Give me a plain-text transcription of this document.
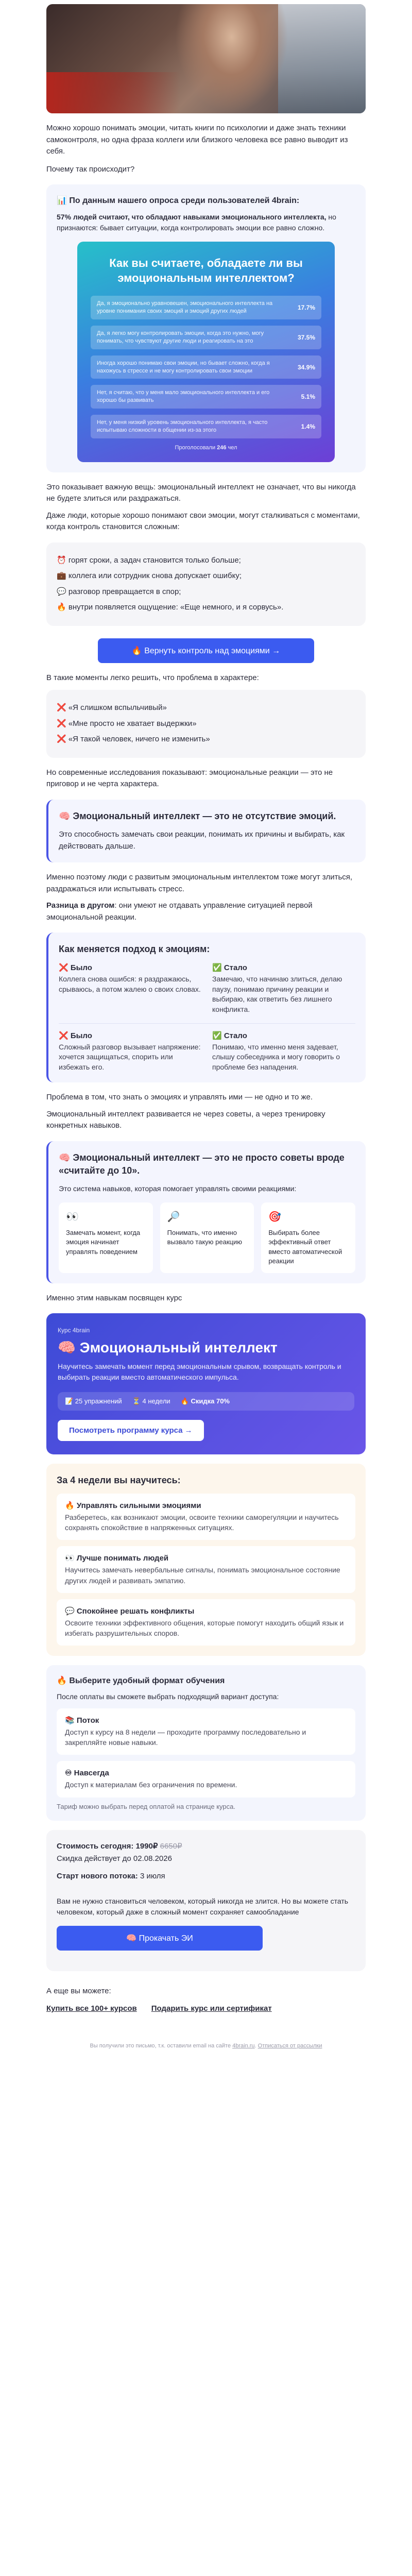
Можно хорошо понимать эмоции, читать книги по психологии и даже знать техники самоконтроля, но одна фраза коллеги или близкого человека все равно выводит из себя.

Почему так происходит?

📊 По данным нашего опроса среди пользователей 4brain:

57% людей считают, что обладают навыками эмоционального интеллекта, но признаются: бывает ситуации, когда контролировать эмоции все равно сложно.

Как вы считаете, обладаете ли вы эмоциональным интеллектом?
Да, я эмоционально уравновешен, эмоционального интеллекта на уровне понимания своих эмоций и эмоций других людей
17.7%
Да, я легко могу контролировать эмоции, когда это нужно, могу понимать, что чувствуют другие люди и реагировать на это
37.5%
Иногда хорошо понимаю свои эмоции, но бывает сложно, когда я нахожусь в стрессе и не могу контролировать свои эмоции
34.9%
Нет, я считаю, что у меня мало эмоционального интеллекта и его хорошо бы развивать
5.1%
Нет, у меня низкий уровень эмоционального интеллекта, я часто испытываю сложности в общении из-за этого
1.4%
Проголосовали 246 чел

Это показывает важную вещь: эмоциональный интеллект не означает, что вы никогда не будете злиться или раздражаться.

Даже люди, которые хорошо понимают свои эмоции, могут сталкиваться с моментами, когда контроль становится сложным:

⏰ горят сроки, а задач становится только больше;
💼 коллега или сотрудник снова допускает ошибку;
💬 разговор превращается в спор;
🔥 внутри появляется ощущение: «Еще немного, и я сорвусь».
🔥 Вернуть контроль над эмоциями →

В такие моменты легко решить, что проблема в характере:

❌ «Я слишком вспыльчивый»
❌ «Мне просто не хватает выдержки»
❌ «Я такой человек, ничего не изменить»

Но современные исследования показывают: эмоциональные реакции — это не приговор и не черта характера.

🧠 Эмоциональный интеллект — это не отсутствие эмоций.

Это способность замечать свои реакции, понимать их причины и выбирать, как действовать дальше.

Именно поэтому люди с развитым эмоциональным интеллектом тоже могут злиться, раздражаться или испытывать стресс.

Разница в другом: они умеют не отдавать управление ситуацией первой эмоциональной реакции.

Как меняется подход к эмоциям:
❌ Было
Коллега снова ошибся: я раздражаюсь, срываюсь, а потом жалею о своих словах.
✅ Стало
Замечаю, что начинаю злиться, делаю паузу, понимаю причину реакции и выбираю, как ответить без лишнего конфликта.
❌ Было
Сложный разговор вызывает напряжение: хочется защищаться, спорить или избежать его.
✅ Стало
Понимаю, что именно меня задевает, слышу собеседника и могу говорить о проблеме без нападения.

Проблема в том, что знать о эмоциях и управлять ими — не одно и то же.

Эмоциональный интеллект развивается не через советы, а через тренировку конкретных навыков.

🧠 Эмоциональный интеллект — это не просто советы вроде «считайте до 10».

Это система навыков, которая помогает управлять своими реакциями:

👀
Замечать момент, когда эмоция начинает управлять поведением
🔎
Понимать, что именно вызвало такую реакцию
🎯
Выбирать более эффективный ответ вместо автоматической реакции

Именно этим навыкам посвящен курс

Курс 4brain
🧠 Эмоциональный интеллект

Научитесь замечать момент перед эмоциональным срывом, возвращать контроль и выбирать реакции вместо автоматического импульса.

📝 25 упражнений ⏳ 4 недели 🔥 Скидка 70%
Посмотреть программу курса →
За 4 недели вы научитесь:
🔥 Управлять сильными эмоциями
Разберетесь, как возникают эмоции, освоите техники саморегуляции и научитесь сохранять спокойствие в напряженных ситуациях.
👀 Лучше понимать людей
Научитесь замечать невербальные сигналы, понимать эмоциональное состояние других людей и развивать эмпатию.
💬 Спокойнее решать конфликты
Освоите техники эффективного общения, которые помогут находить общий язык и избегать разрушительных споров.
🔥 Выберите удобный формат обучения

После оплаты вы сможете выбрать подходящий вариант доступа:

📚 Поток
Доступ к курсу на 8 недели — проходите программу последовательно и закрепляйте новые навыки.
♾ Навсегда
Доступ к материалам без ограничения по времени.
Тариф можно выбрать перед оплатой на странице курса.
Стоимость сегодня: 1990₽ 6650₽
Скидка действует до 02.08.2026
Старт нового потока: 3 июля

Вам не нужно становиться человеком, который никогда не злится. Но вы можете стать человеком, который даже в сложный момент сохраняет самообладание

🧠 Прокачать ЭИ

А еще вы можете:

Купить все 100+ курсов Подарить курс или сертификат
Вы получили это письмо, т.к. оставили email на сайте 4brain.ru. Отписаться от рассылки
